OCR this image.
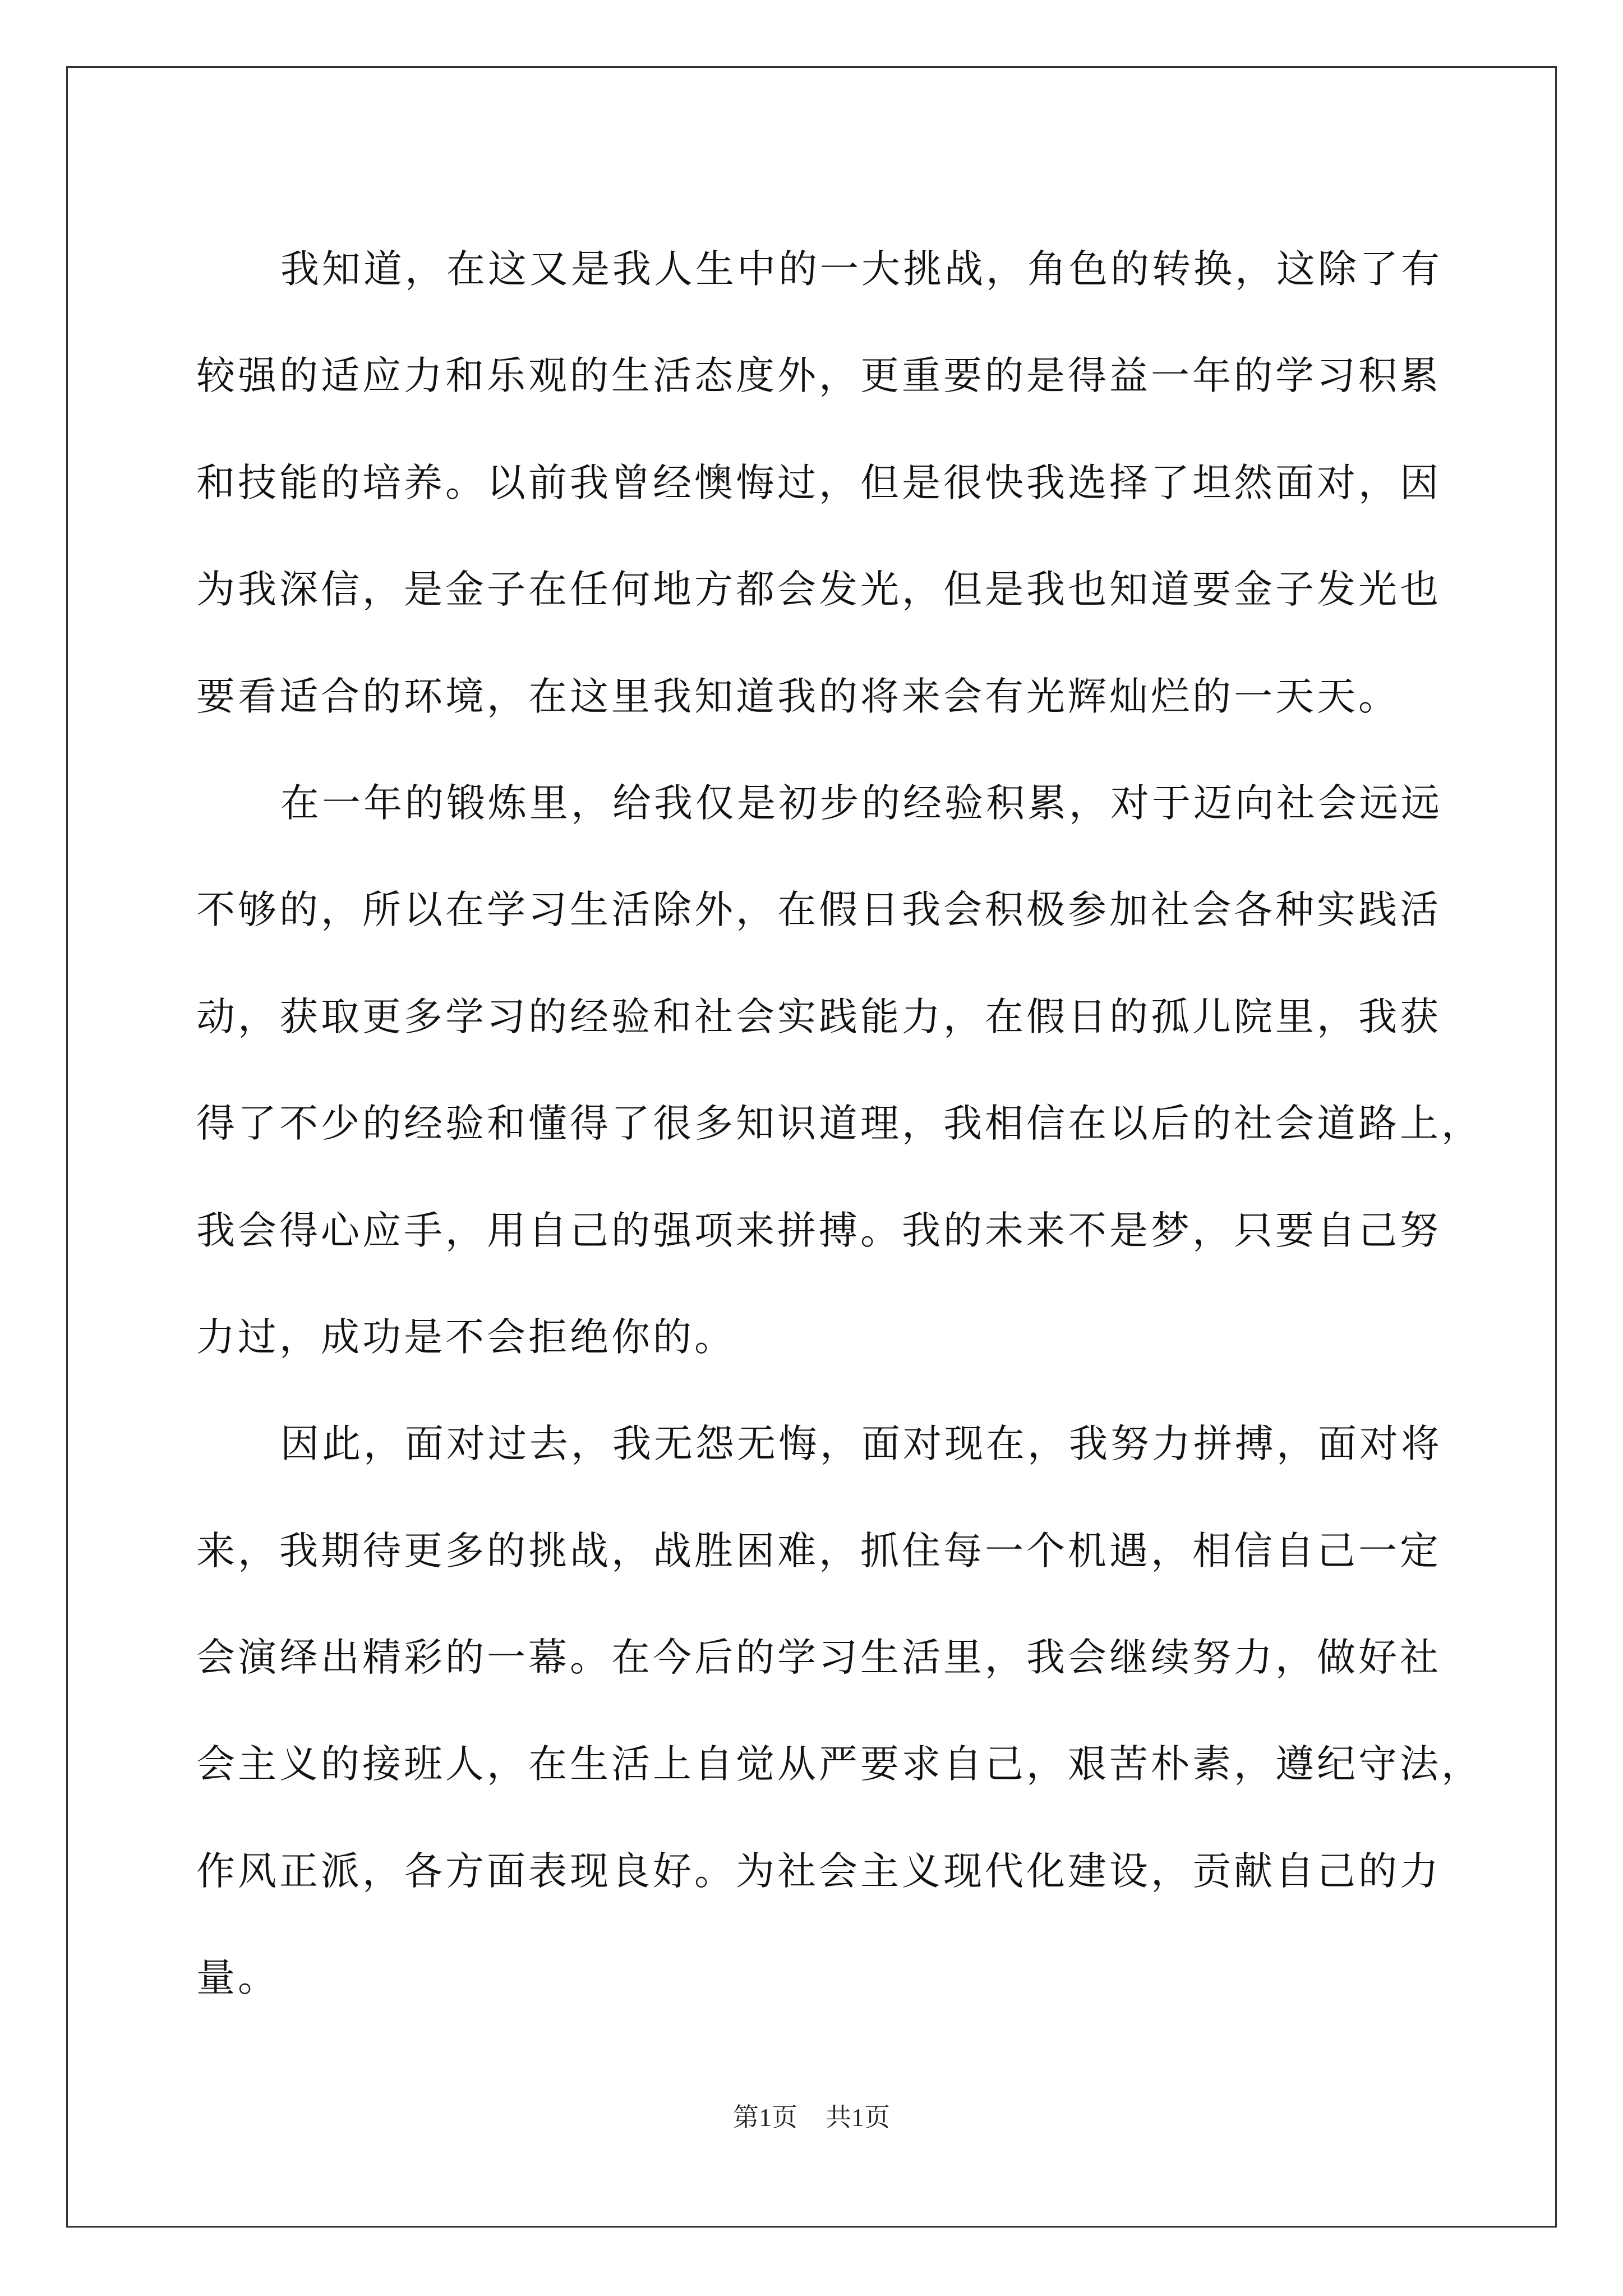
我知道，在这又是我人生中的一大挑战，角色的转换，这除了有
较强的适应力和乐观的生活态度外，更重要的是得益一年的学习积累
和技能的培养。以前我曾经懊悔过，但是很快我选择了坦然面对，因
为我深信，是金子在任何地方都会发光，但是我也知道要金子发光也
要看适合的环境，在这里我知道我的将来会有光辉灿烂的一天天。
在一年的锻炼里，给我仅是初步的经验积累，对于迈向社会远远
不够的，所以在学习生活除外，在假日我会积极参加社会各种实践活
动，获取更多学习的经验和社会实践能力，在假日的孤儿院里，我获
得了不少的经验和懂得了很多知识道理，我相信在以后的社会道路上，
我会得心应手，用自己的强项来拼搏。我的未来不是梦，只要自己努
力过，成功是不会拒绝你的。
因此，面对过去，我无怨无悔，面对现在，我努力拼搏，面对将
来，我期待更多的挑战，战胜困难，抓住每一个机遇，相信自己一定
会演绎出精彩的一幕。在今后的学习生活里，我会继续努力，做好社
会主义的接班人，在生活上自觉从严要求自己，艰苦朴素，遵纪守法，
作风正派，各方面表现良好。为社会主义现代化建设，贡献自己的力
量。
第1页 共1页
